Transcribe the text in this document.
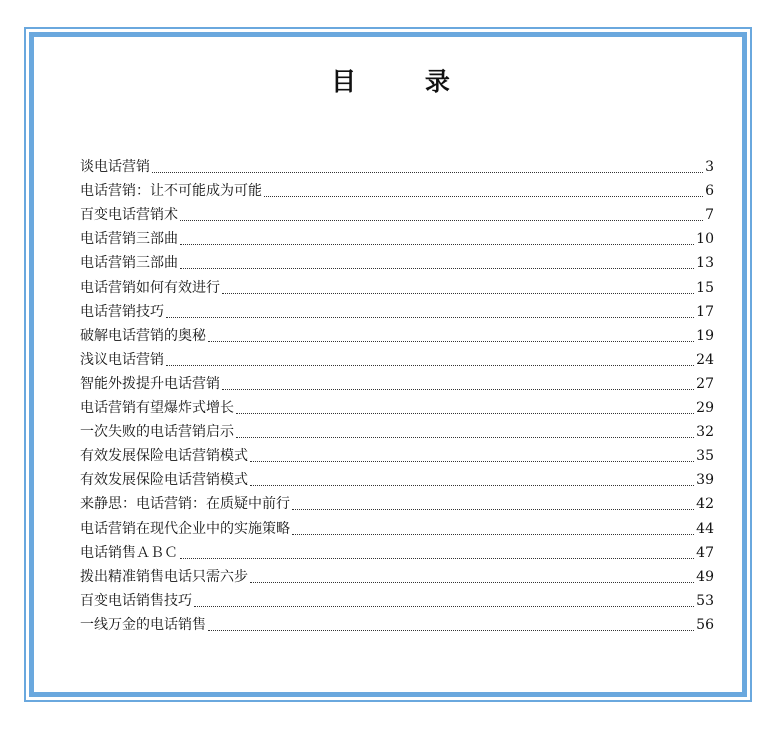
目 录
谈电话营销	3
电话营销：让不可能成为可能	6
百变电话营销术	7
电话营销三部曲	10
电话营销三部曲	13
电话营销如何有效进行	15
电话营销技巧	17
破解电话营销的奥秘	19
浅议电话营销	24
智能外拨提升电话营销	27
电话营销有望爆炸式增长	29
一次失败的电话营销启示	32
有效发展保险电话营销模式	35
有效发展保险电话营销模式	39
来静思：电话营销：在质疑中前行	42
电话营销在现代企业中的实施策略	44
电话销售ＡＢＣ	47
拨出精准销售电话只需六步	49
百变电话销售技巧	53
一线万金的电话销售	56
